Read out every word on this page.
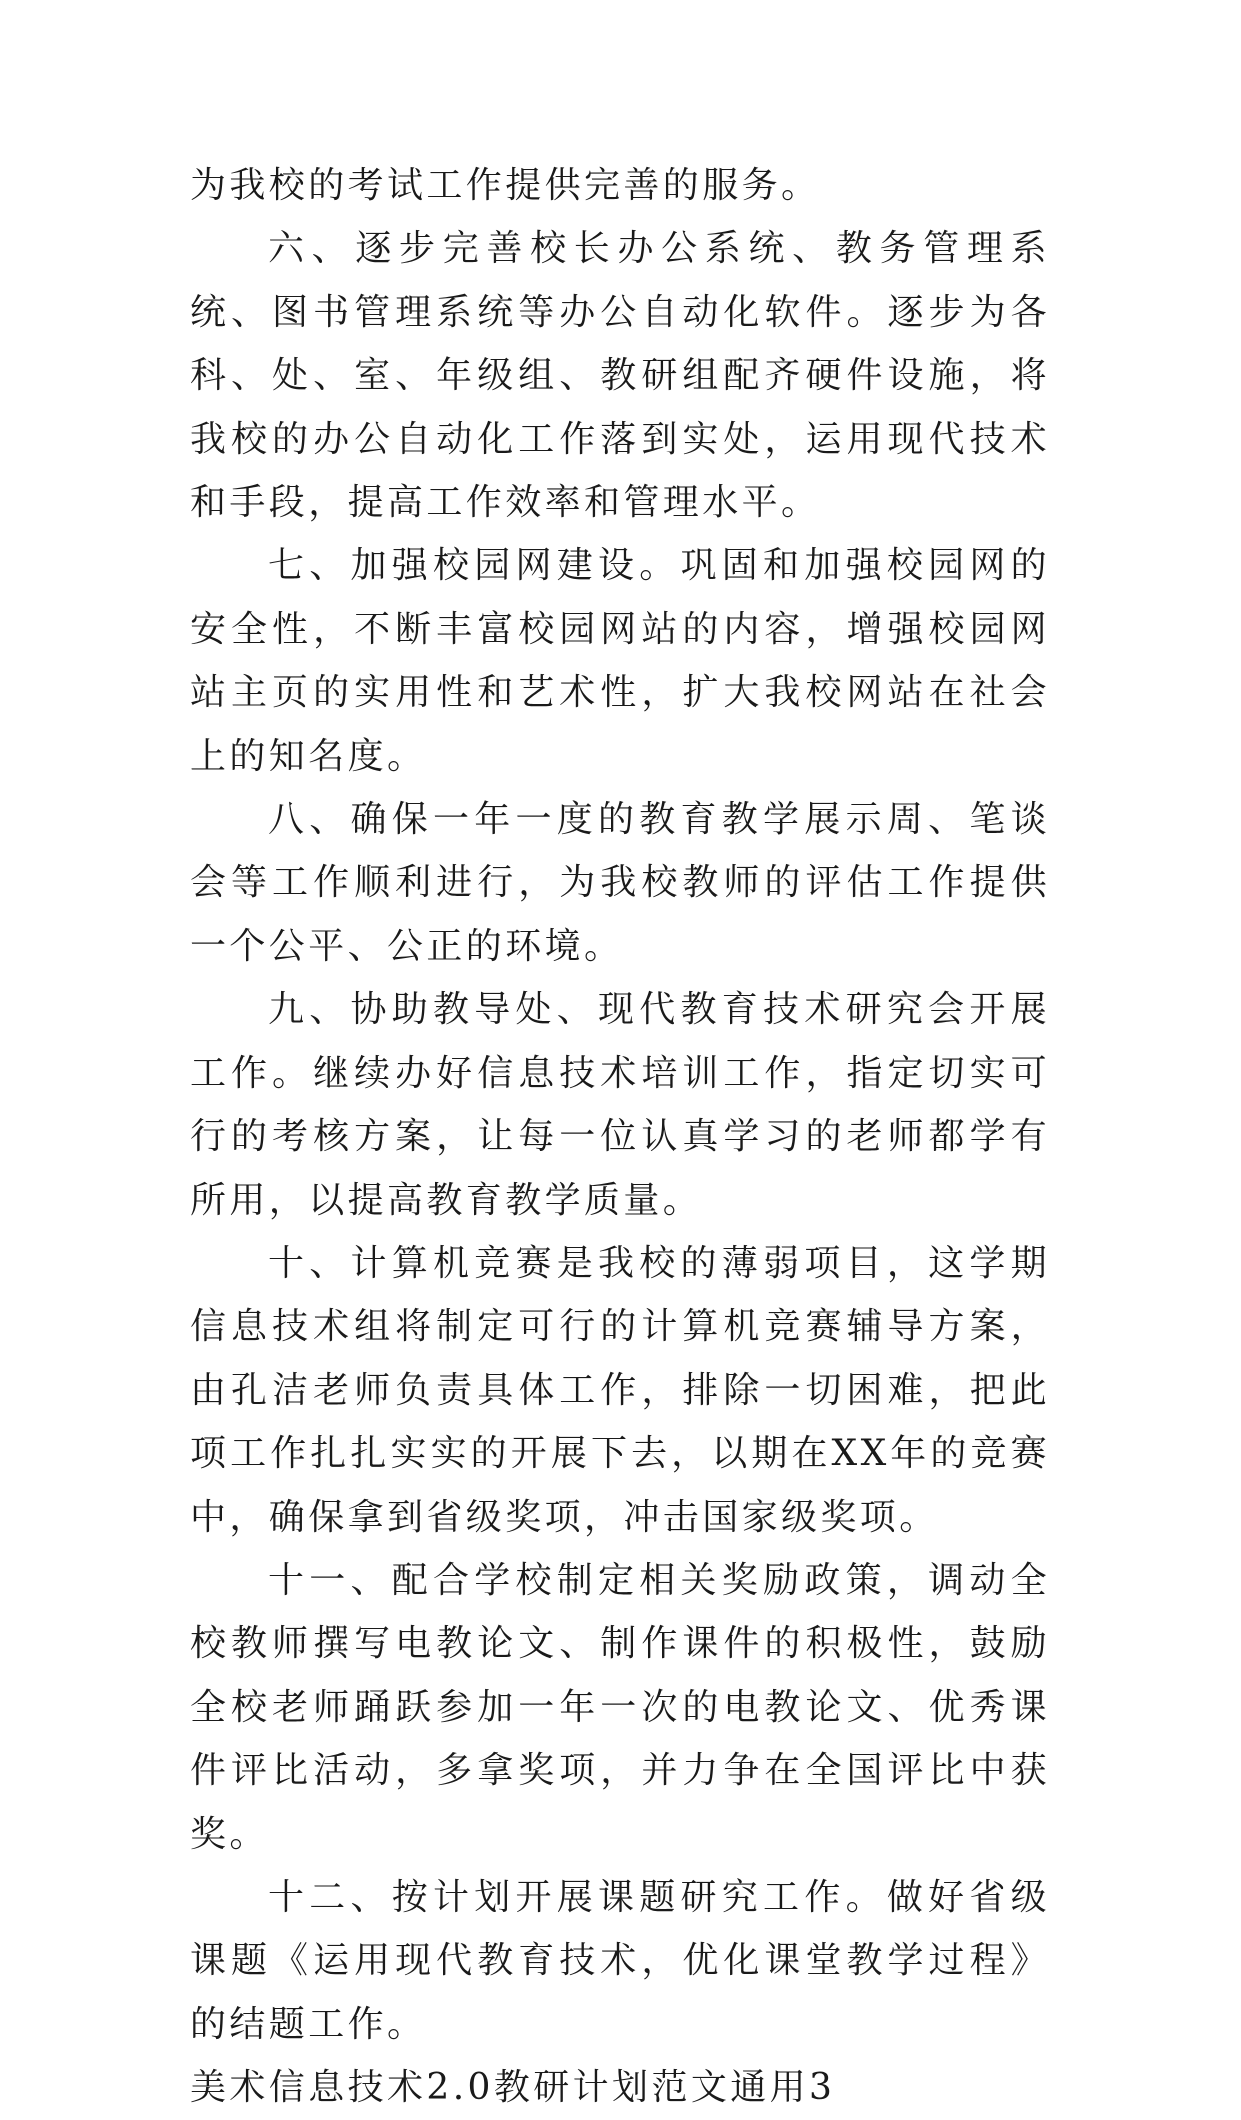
为我校的考试工作提供完善的服务。

六、逐步完善校长办公系统、教务管理系统、图书管理系统等办公自动化软件。逐步为各科、处、室、年级组、教研组配齐硬件设施，将我校的办公自动化工作落到实处，运用现代技术和手段，提高工作效率和管理水平。

七、加强校园网建设。巩固和加强校园网的安全性，不断丰富校园网站的内容，增强校园网站主页的实用性和艺术性，扩大我校网站在社会上的知名度。

八、确保一年一度的教育教学展示周、笔谈会等工作顺利进行，为我校教师的评估工作提供一个公平、公正的环境。

九、协助教导处、现代教育技术研究会开展工作。继续办好信息技术培训工作，指定切实可行的考核方案，让每一位认真学习的老师都学有所用，以提高教育教学质量。

十、计算机竞赛是我校的薄弱项目，这学期信息技术组将制定可行的计算机竞赛辅导方案，由孔洁老师负责具体工作，排除一切困难，把此项工作扎扎实实的开展下去，以期在XX年的竞赛中，确保拿到省级奖项，冲击国家级奖项。

十一、配合学校制定相关奖励政策，调动全校教师撰写电教论文、制作课件的积极性，鼓励全校老师踊跃参加一年一次的电教论文、优秀课件评比活动，多拿奖项，并力争在全国评比中获奖。

十二、按计划开展课题研究工作。做好省级课题《运用现代教育技术，优化课堂教学过程》的结题工作。

美术信息技术2.0教研计划范文通用3
